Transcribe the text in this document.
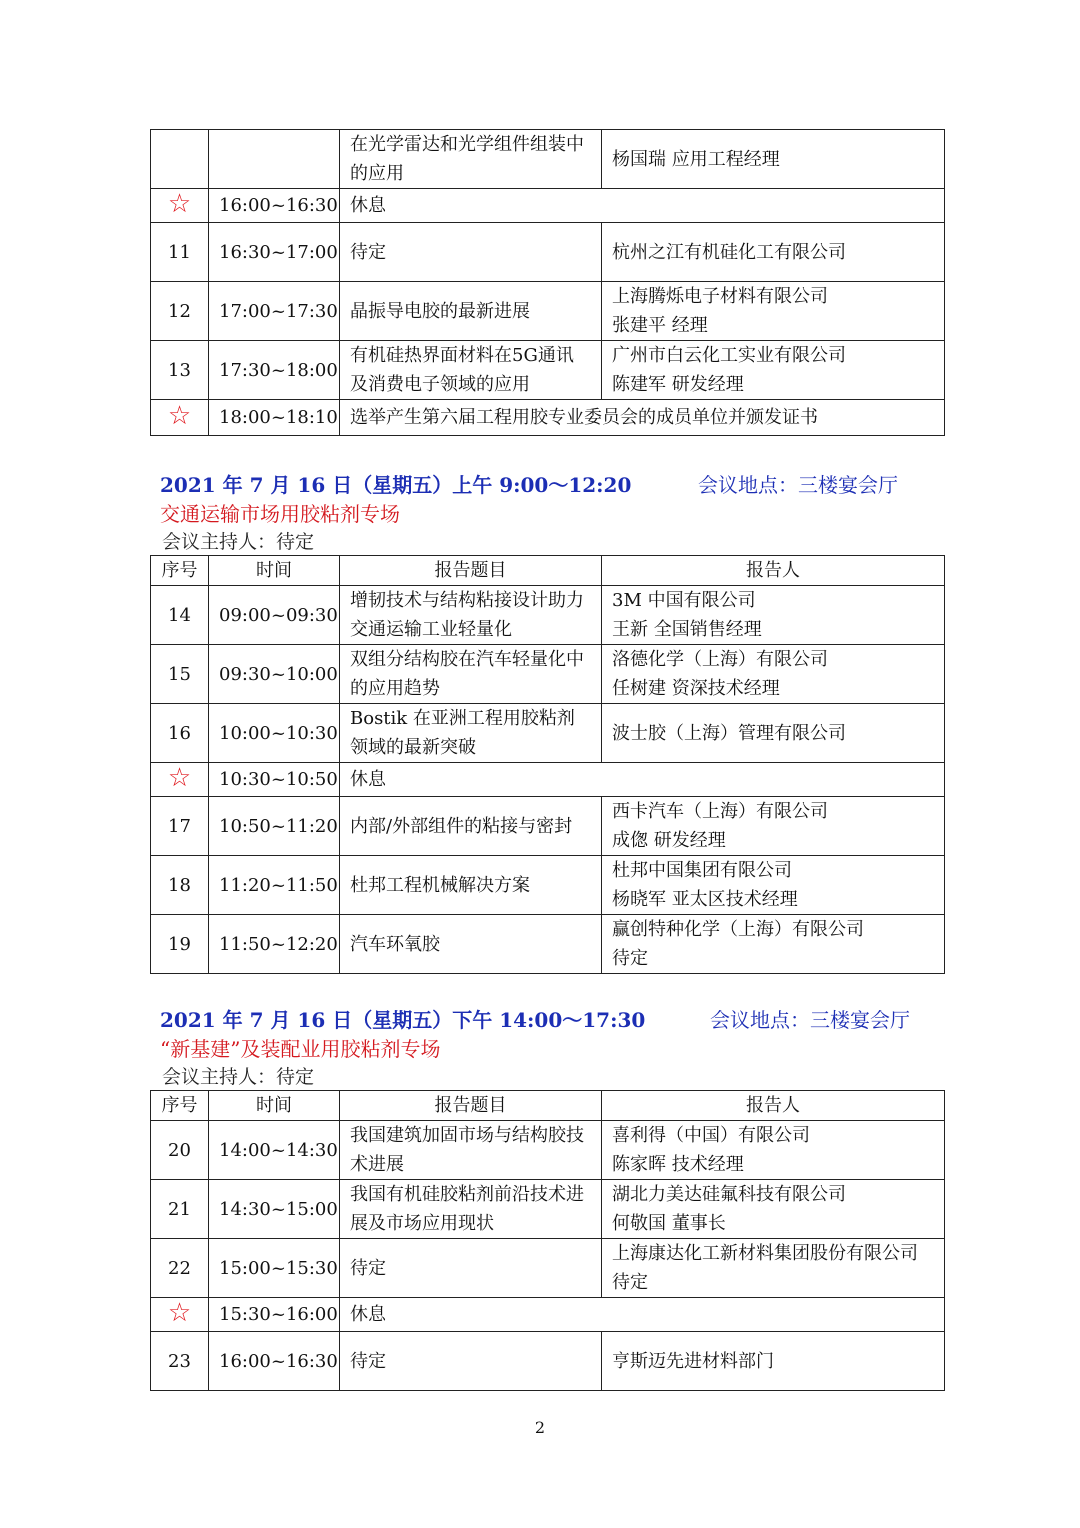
		在光学雷达和光学组件组装中的应用	杨国瑞 应用工程经理

☆	16:00~16:30	休息	
11	16:30~17:00	待定	杭州之江有机硅化工有限公司

12	17:00~17:30	晶振导电胶的最新进展	上海腾烁电子材料有限公司
张建平 经理

13	17:30~18:00	有机硅热界面材料在5G通讯及消费电子领域的应用	广州市白云化工实业有限公司
陈建军 研发经理

☆	18:00~18:10	选举产生第六届工程用胶专业委员会的成员单位并颁发证书	
2021 年 7 月 16 日（星期五）上午 9:00～12:20	会议地点：三楼宴会厅
交通运输市场用胶粘剂专场
会议主持人：待定
序号	时间	报告题目	报告人
14	09:00~09:30	增韧技术与结构粘接设计助力交通运输工业轻量化	3M 中国有限公司
王新 全国销售经理

15	09:30~10:00	双组分结构胶在汽车轻量化中的应用趋势	洛德化学（上海）有限公司
任树建 资深技术经理

16	10:00~10:30	Bostik 在亚洲工程用胶粘剂领域的最新突破	波士胶（上海）管理有限公司

☆	10:30~10:50	休息	
17	10:50~11:20	内部/外部组件的粘接与密封	西卡汽车（上海）有限公司
成偬 研发经理

18	11:20~11:50	杜邦工程机械解决方案	杜邦中国集团有限公司
杨晓军 亚太区技术经理

19	11:50~12:20	汽车环氧胶	赢创特种化学（上海）有限公司
待定
2021 年 7 月 16 日（星期五）下午 14:00～17:30	会议地点：三楼宴会厅
“新基建”及装配业用胶粘剂专场
会议主持人：待定
序号	时间	报告题目	报告人
20	14:00~14:30	我国建筑加固市场与结构胶技术进展	喜利得（中国）有限公司
陈家晖 技术经理

21	14:30~15:00	我国有机硅胶粘剂前沿技术进展及市场应用现状	湖北力美达硅氟科技有限公司
何敬国 董事长

22	15:00~15:30	待定	上海康达化工新材料集团股份有限公司
待定

☆	15:30~16:00	休息	
23	16:00~16:30	待定	亨斯迈先进材料部门
2
